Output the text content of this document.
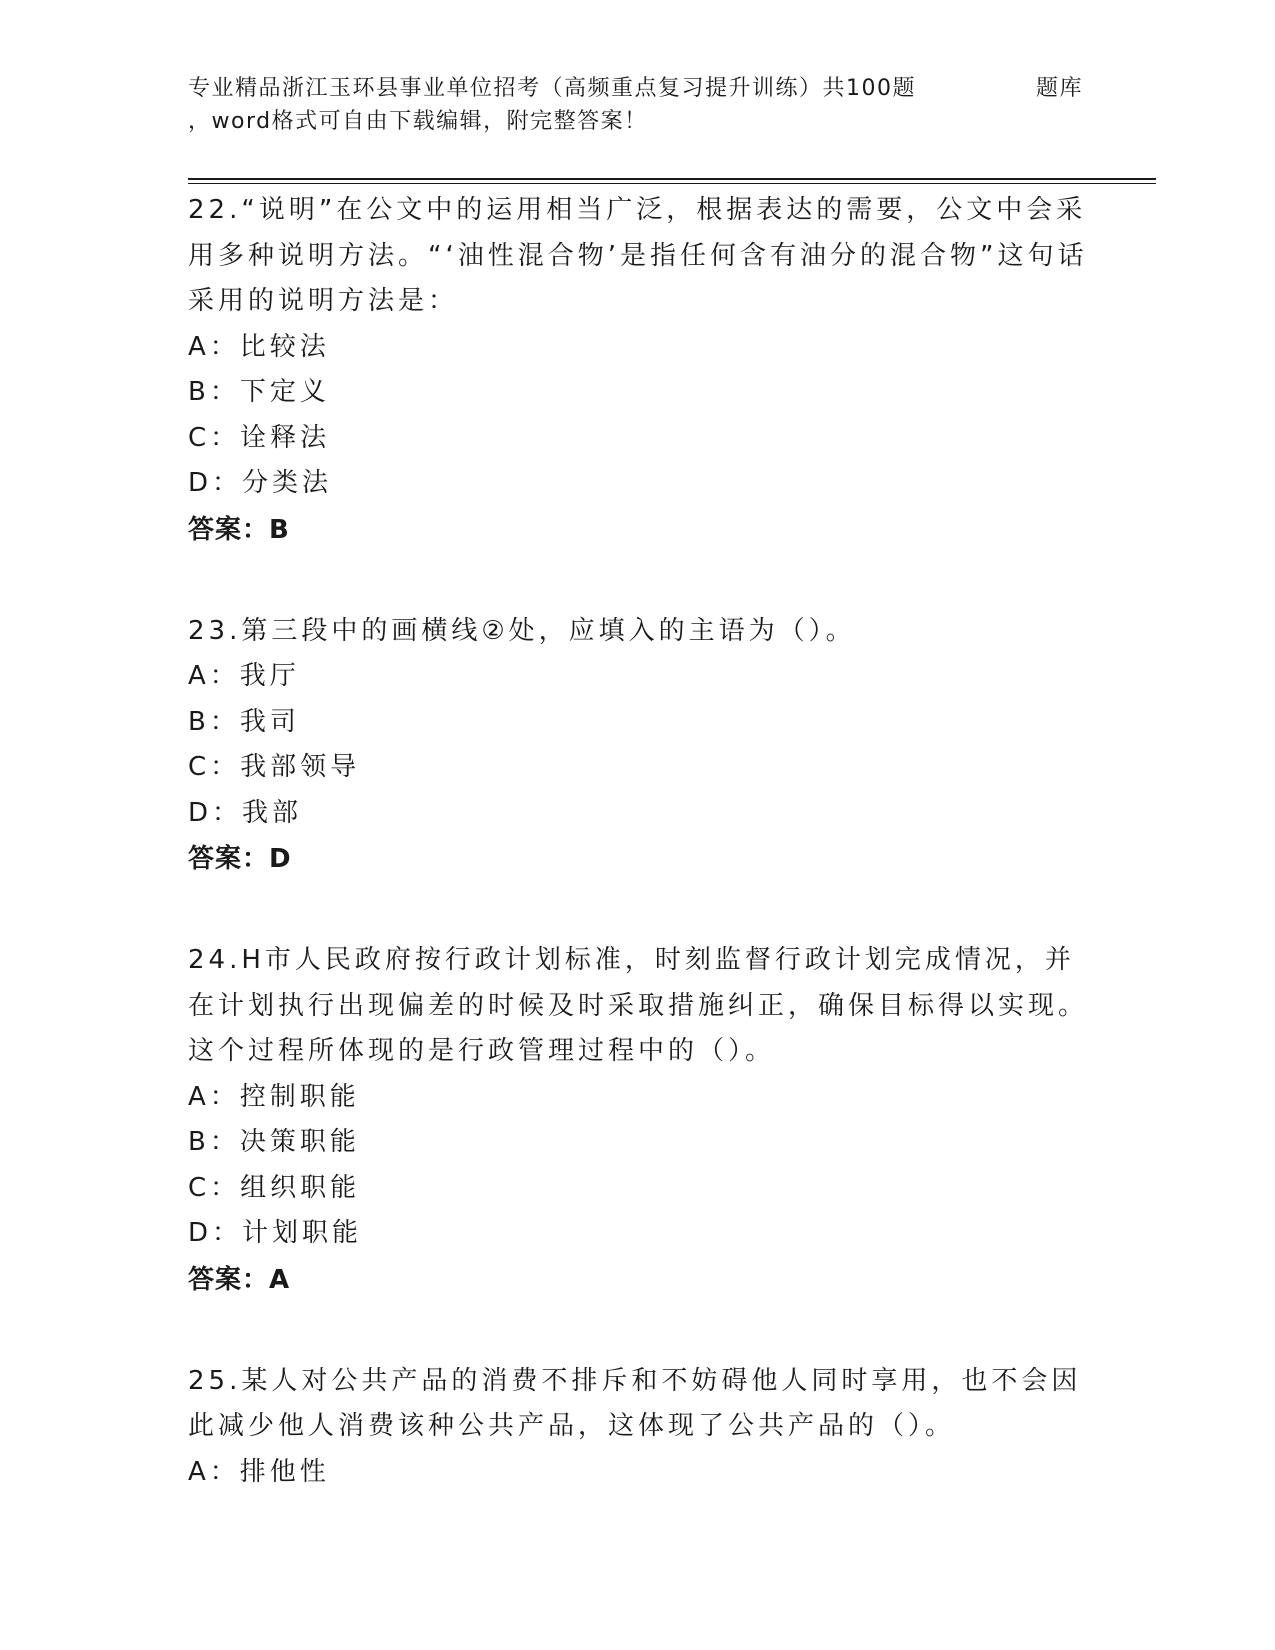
专业精品浙江玉环县事业单位招考（高频重点复习提升训练）共100题	题库
，word格式可自由下载编辑，附完整答案！

22.“说明”在公文中的运用相当广泛，根据表达的需要，公文中会采用多种说明方法。“‘油性混合物’是指任何含有油分的混合物”这句话采用的说明方法是：

A：比较法

B：下定义

C：诠释法

D：分类法

答案：B

23.第三段中的画横线②处，应填入的主语为（）。

A：我厅

B：我司

C：我部领导

D：我部

答案：D

24.H市人民政府按行政计划标准，时刻监督行政计划完成情况，并在计划执行出现偏差的时候及时采取措施纠正，确保目标得以实现。这个过程所体现的是行政管理过程中的（）。

A：控制职能

B：决策职能

C：组织职能

D：计划职能

答案：A

25.某人对公共产品的消费不排斥和不妨碍他人同时享用，也不会因此减少他人消费该种公共产品，这体现了公共产品的（）。

A：排他性
